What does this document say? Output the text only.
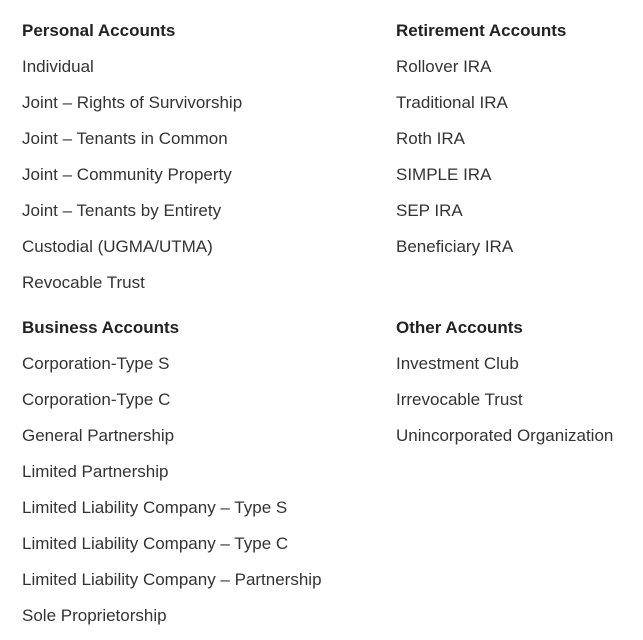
Personal Accounts
Individual
Joint – Rights of Survivorship
Joint – Tenants in Common
Joint – Community Property
Joint – Tenants by Entirety
Custodial (UGMA/UTMA)
Revocable Trust
Retirement Accounts
Rollover IRA
Traditional IRA
Roth IRA
SIMPLE IRA
SEP IRA
Beneficiary IRA
Business Accounts
Corporation-Type S
Corporation-Type C
General Partnership
Limited Partnership
Limited Liability Company – Type S
Limited Liability Company – Type C
Limited Liability Company – Partnership
Sole Proprietorship
Other Accounts
Investment Club
Irrevocable Trust
Unincorporated Organization
